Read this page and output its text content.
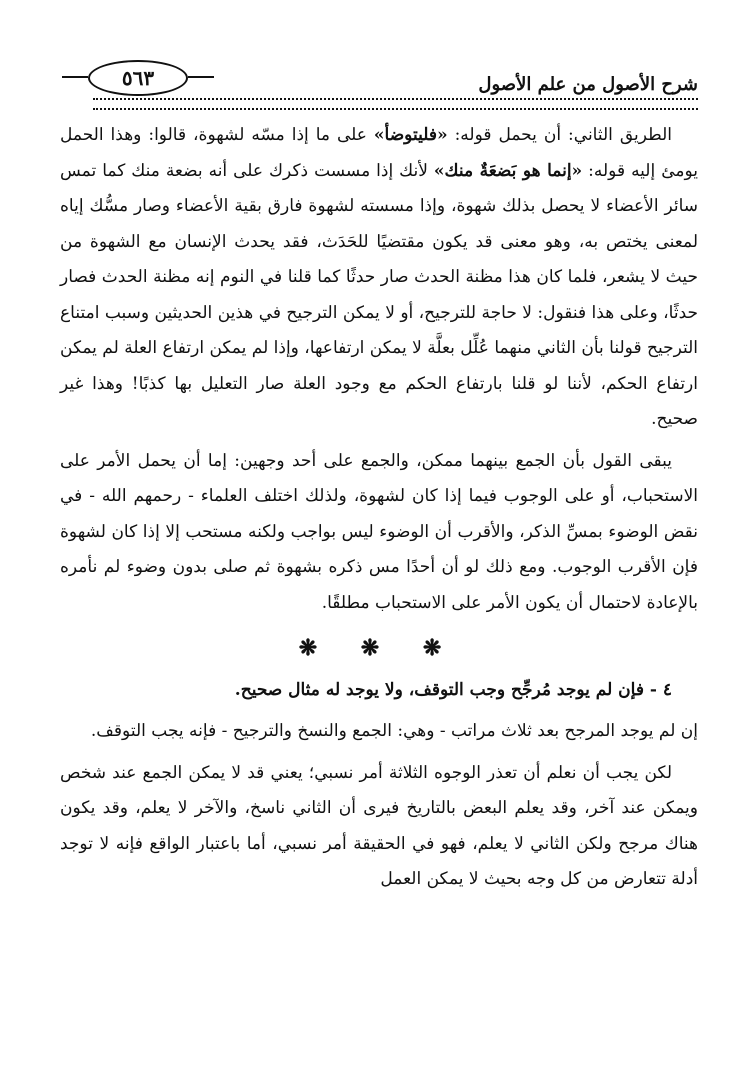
شرح الأصول من علم الأصول
٥٦٣

الطريق الثاني: أن يحمل قوله: «فليتوضأ» على ما إذا مسّه لشهوة، قالوا: وهذا الحمل يومئ إليه قوله: «إنما هو بَضعَةٌ منك» لأنك إذا مسست ذكرك على أنه بضعة منك كما تمس سائر الأعضاء لا يحصل بذلك شهوة، وإذا مسسته لشهوة فارق بقية الأعضاء وصار مسُّك إياه لمعنى يختص به، وهو معنى قد يكون مقتضيًا للحَدَث، فقد يحدث الإنسان مع الشهوة من حيث لا يشعر، فلما كان هذا مظنة الحدث صار حدثًا كما قلنا في النوم إنه مظنة الحدث فصار حدثًا، وعلى هذا فنقول: لا حاجة للترجيح، أو لا يمكن الترجيح في هذين الحديثين وسبب امتناع الترجيح قولنا بأن الثاني منهما عُلِّل بعلَّة لا يمكن ارتفاعها، وإذا لم يمكن ارتفاع العلة لم يمكن ارتفاع الحكم، لأننا لو قلنا بارتفاع الحكم مع وجود العلة صار التعليل بها كذبًا! وهذا غير صحيح.

يبقى القول بأن الجمع بينهما ممكن، والجمع على أحد وجهين: إما أن يحمل الأمر على الاستحباب، أو على الوجوب فيما إذا كان لشهوة، ولذلك اختلف العلماء - رحمهم الله - في نقض الوضوء بمسِّ الذكر، والأقرب أن الوضوء ليس بواجب ولكنه مستحب إلا إذا كان لشهوة فإن الأقرب الوجوب. ومع ذلك لو أن أحدًا مس ذكره بشهوة ثم صلى بدون وضوء لم نأمره بالإعادة لاحتمال أن يكون الأمر على الاستحباب مطلقًا.

❋ ❋ ❋

٤ - فإن لم يوجد مُرجِّح وجب التوقف، ولا يوجد له مثال صحيح.

إن لم يوجد المرجح بعد ثلاث مراتب - وهي: الجمع والنسخ والترجيح - فإنه يجب التوقف.

لكن يجب أن نعلم أن تعذر الوجوه الثلاثة أمر نسبي؛ يعني قد لا يمكن الجمع عند شخص ويمكن عند آخر، وقد يعلم البعض بالتاريخ فيرى أن الثاني ناسخ، والآخر لا يعلم، وقد يكون هناك مرجح ولكن الثاني لا يعلم، فهو في الحقيقة أمر نسبي، أما باعتبار الواقع فإنه لا توجد أدلة تتعارض من كل وجه بحيث لا يمكن العمل
